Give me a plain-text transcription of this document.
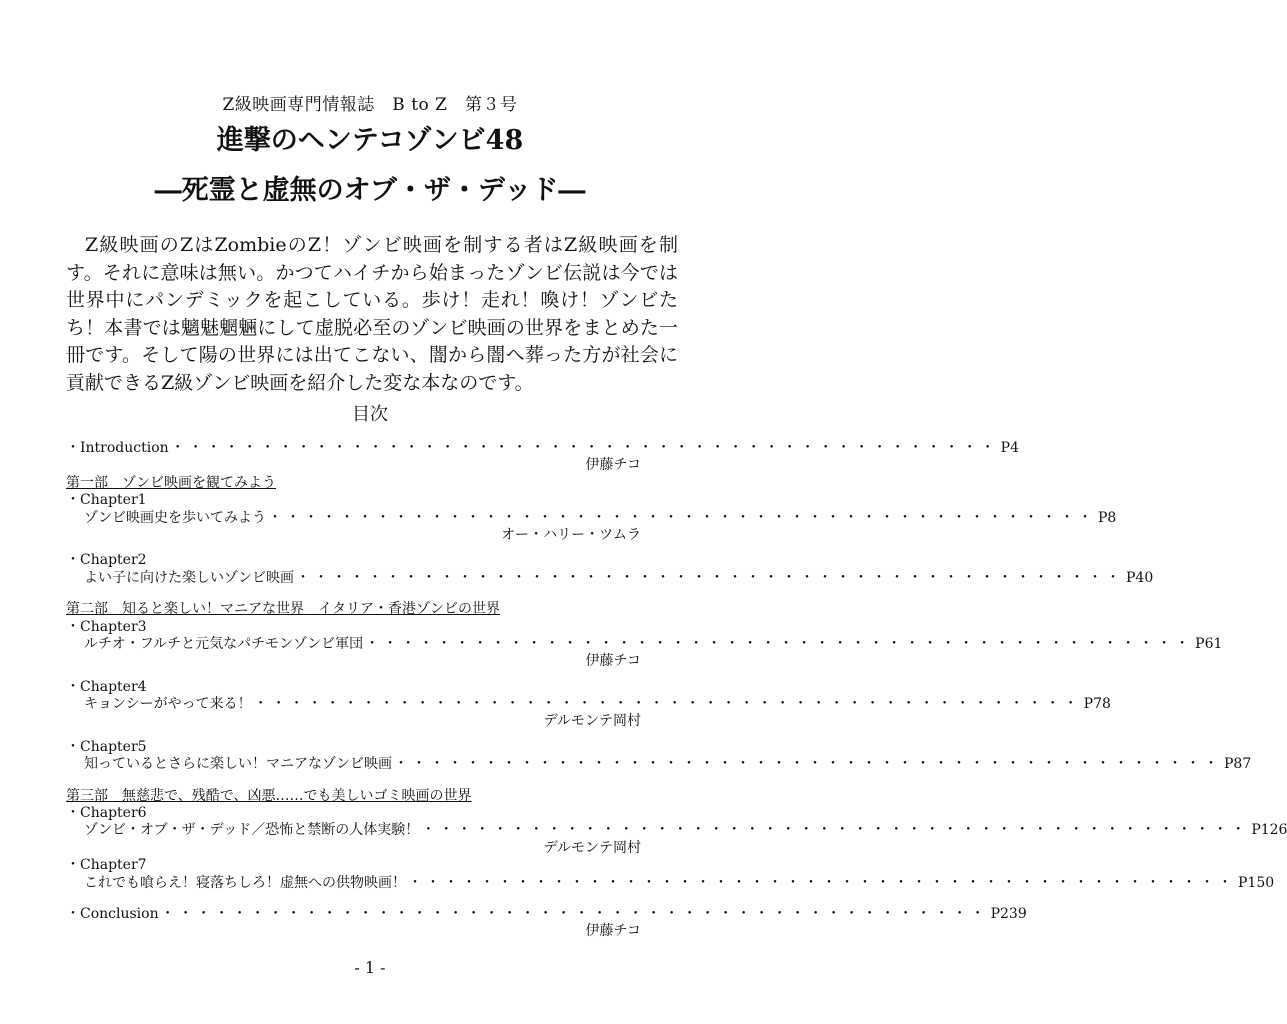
Z級映画専門情報誌　B to Z　第３号
進撃のヘンテコゾンビ48
―死霊と虚無のオブ・ザ・デッド―
Z級映画のZはZombieのZ！ゾンビ映画を制する者はZ級映画を制す。それに意味は無い。かつてハイチから始まったゾンビ伝説は今では世界中にパンデミックを起こしている。歩け！走れ！喚け！ゾンビたち！本書では魑魅魍魎にして虚脱必至のゾンビ映画の世界をまとめた一冊です。そして陽の世界には出てこない、闇から闇へ葬った方が社会に貢献できるZ級ゾンビ映画を紹介した変な本なのです。
目次
・Introduction ・・・・・・・・・・・・・・・・・・・・・・・・・・・・・・・・・・・・・・・・・・・・・・ P4
伊藤チコ
第一部　ゾンビ映画を観てみよう
・Chapter1
ゾンビ映画史を歩いてみよう ・・・・・・・・・・・・・・・・・・・・・・・・・・・・・・・・・・・・・・・・・・・・・・ P8
オー・ハリー・ツムラ
・Chapter2
よい子に向けた楽しいゾンビ映画 ・・・・・・・・・・・・・・・・・・・・・・・・・・・・・・・・・・・・・・・・・・・・・・ P40
第二部　知ると楽しい！マニアな世界　イタリア・香港ゾンビの世界
・Chapter3
ルチオ・フルチと元気なパチモンゾンビ軍団 ・・・・・・・・・・・・・・・・・・・・・・・・・・・・・・・・・・・・・・・・・・・・・・ P61
伊藤チコ
・Chapter4
キョンシーがやって来る！ ・・・・・・・・・・・・・・・・・・・・・・・・・・・・・・・・・・・・・・・・・・・・・・ P78
デルモンテ岡村
・Chapter5
知っているとさらに楽しい！マニアなゾンビ映画 ・・・・・・・・・・・・・・・・・・・・・・・・・・・・・・・・・・・・・・・・・・・・・・ P87
第三部　無慈悲で、残酷で、凶悪……でも美しいゴミ映画の世界
・Chapter6
ゾンビ・オブ・ザ・デッド／恐怖と禁断の人体実験！ ・・・・・・・・・・・・・・・・・・・・・・・・・・・・・・・・・・・・・・・・・・・・・・ P126
デルモンテ岡村
・Chapter7
これでも喰らえ！寝落ちしろ！虚無への供物映画！ ・・・・・・・・・・・・・・・・・・・・・・・・・・・・・・・・・・・・・・・・・・・・・・ P150
・Conclusion ・・・・・・・・・・・・・・・・・・・・・・・・・・・・・・・・・・・・・・・・・・・・・・ P239
伊藤チコ
- 1 -
